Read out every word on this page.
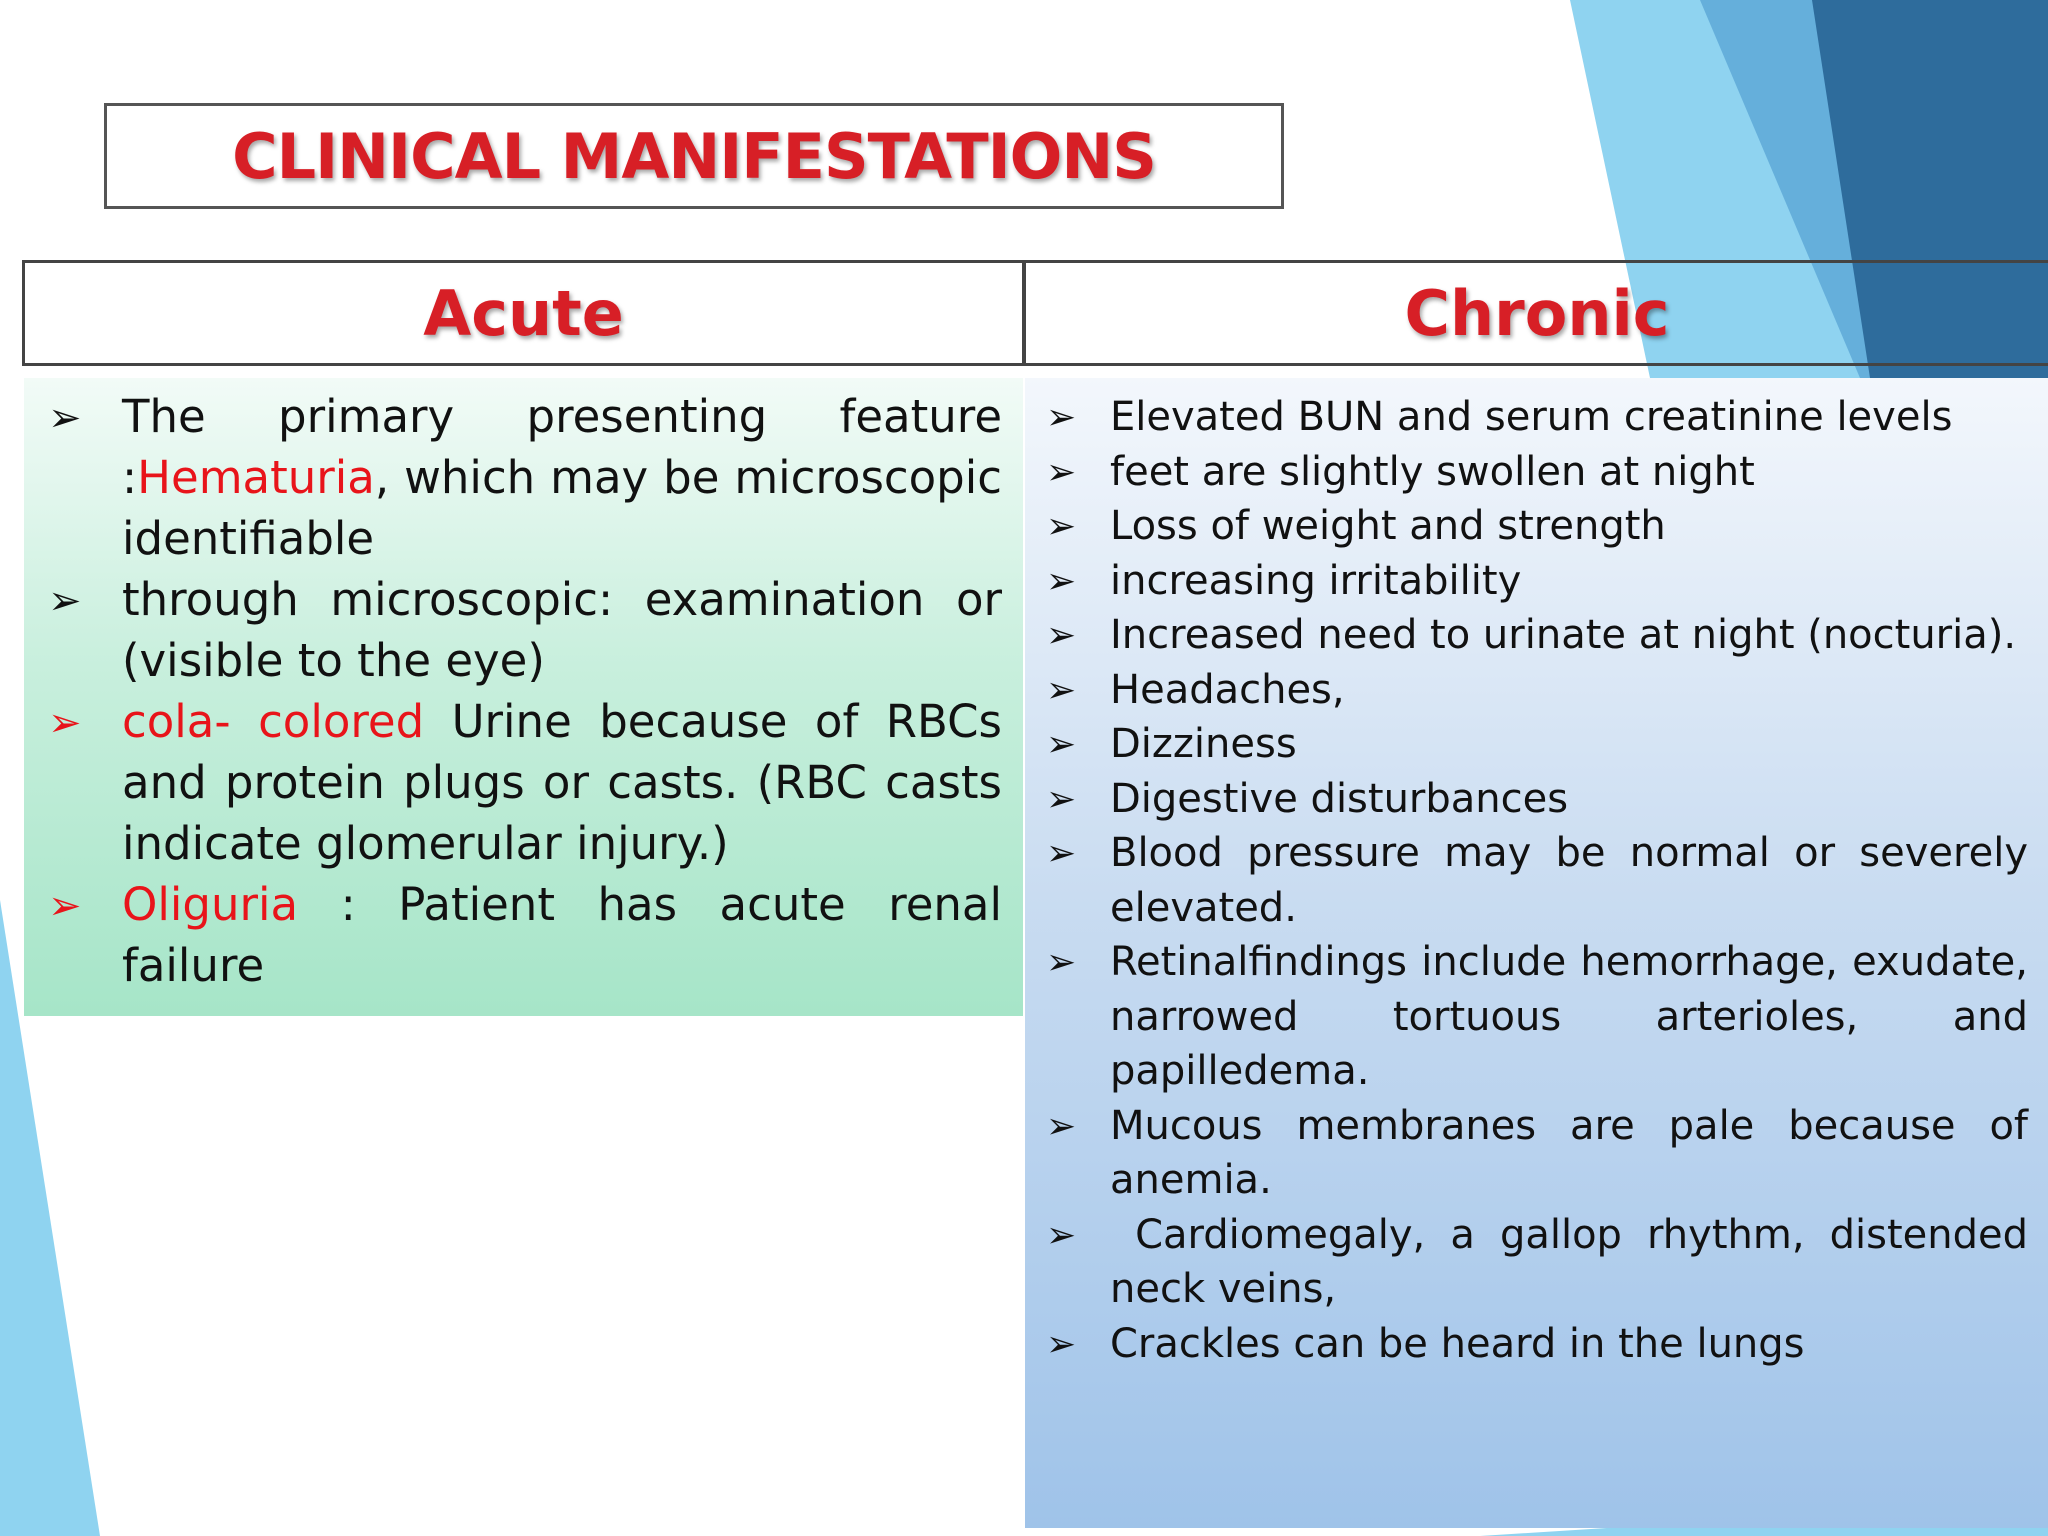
CLINICAL MANIFESTATIONS
Acute	Chronic
➢ The primary presenting feature :Hematuria, which may be microscopic identifiable
➢ through microscopic: examination or (visible to the eye)
➢ cola- colored Urine because of RBCs and protein plugs or casts. (RBC casts indicate glomerular injury.)
➢ Oliguria : Patient has acute renal failure
➢ Elevated BUN and serum creatinine levels
➢ feet are slightly swollen at night
➢ Loss of weight and strength
➢ increasing irritability
➢ Increased need to urinate at night (nocturia).
➢ Headaches,
➢ Dizziness
➢ Digestive disturbances
➢ Blood pressure may be normal or severely elevated.
➢ Retinalfindings include hemorrhage, exudate, narrowed tortuous arterioles, and papilledema.
➢ Mucous membranes are pale because of anemia.
➢ Cardiomegaly, a gallop rhythm, distended neck veins,
➢ Crackles can be heard in the lungs
